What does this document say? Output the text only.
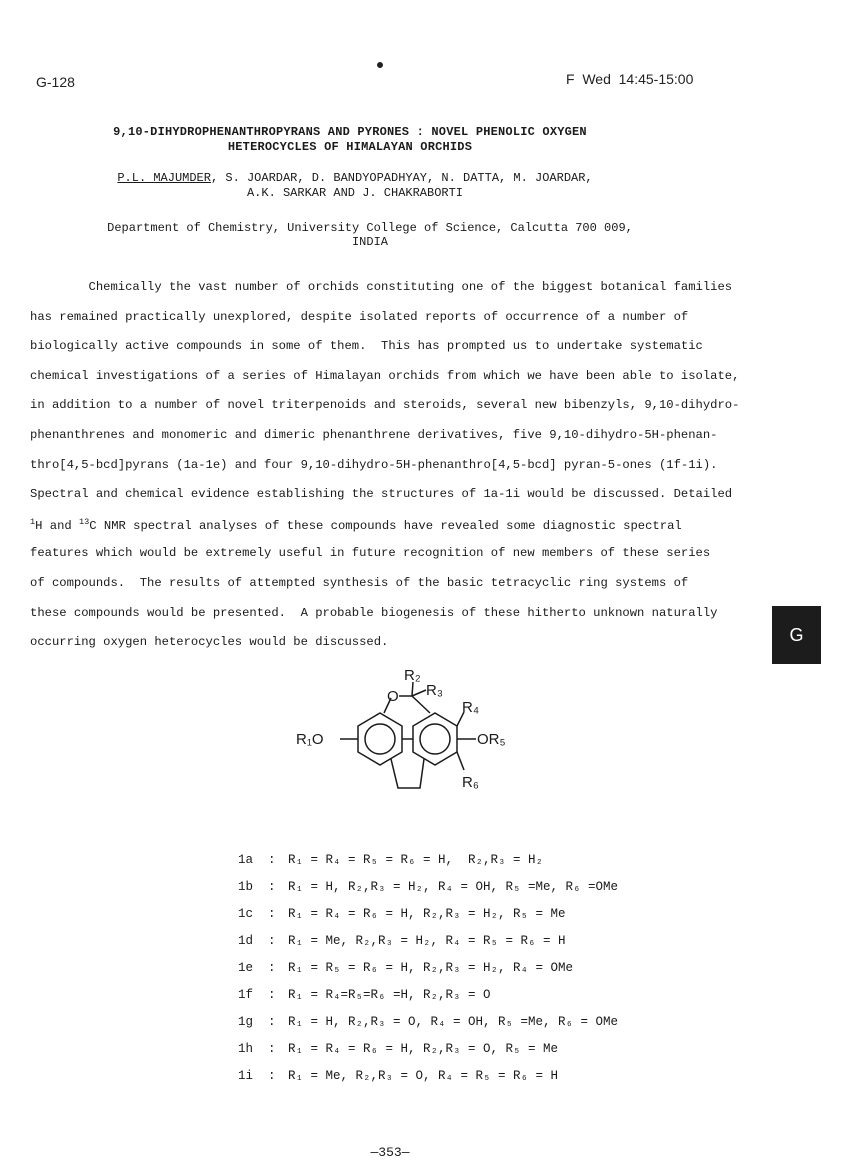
G-128	F  Wed  14:45-15:00
9,10-DIHYDROPHENANTHROPYRANS AND PYRONES : NOVEL PHENOLIC OXYGEN
HETEROCYCLES OF HIMALAYAN ORCHIDS
P.L. MAJUMDER, S. JOARDAR, D. BANDYOPADHYAY, N. DATTA, M. JOARDAR,
A.K. SARKAR AND J. CHAKRABORTI
Department of Chemistry, University College of Science, Calcutta 700 009,
INDIA
Chemically the vast number of orchids constituting one of the biggest botanical families
has remained practically unexplored, despite isolated reports of occurrence of a number of
biologically active compounds in some of them.  This has prompted us to undertake systematic
chemical investigations of a series of Himalayan orchids from which we have been able to isolate,
in addition to a number of novel triterpenoids and steroids, several new bibenzyls, 9,10-dihydro-
phenanthrenes and monomeric and dimeric phenanthrene derivatives, five 9,10-dihydro-5H-phenan-
thro[4,5-bcd]pyrans (1a-1e) and four 9,10-dihydro-5H-phenanthro[4,5-bcd] pyran-5-ones (1f-1i).
Spectral and chemical evidence establishing the structures of 1a-1i would be discussed. Detailed
$^1$H and $^{13}$C NMR spectral analyses of these compounds have revealed some diagnostic spectral
features which would be extremely useful in future recognition of new members of these series
of compounds.  The results of attempted synthesis of the basic tetracyclic ring systems of
these compounds would be presented.  A probable biogenesis of these hitherto unknown naturally
occurring oxygen heterocycles would be discussed.	G
O
R₂
R₃
R₄
OR₅
R₆
R₁O
1a : R₁ = R₄ = R₅ = R₆ = H,  R₂,R₃ = H₂
1b : R₁ = H, R₂,R₃ = H₂, R₄ = OH, R₅ =Me, R₆ =OMe
1c : R₁ = R₄ = R₆ = H, R₂,R₃ = H₂, R₅ = Me
1d : R₁ = Me, R₂,R₃ = H₂, R₄ = R₅ = R₆ = H
1e : R₁ = R₅ = R₆ = H, R₂,R₃ = H₂, R₄ = OMe
1f : R₁ = R₄=R₅=R₆ =H, R₂,R₃ = O
1g : R₁ = H, R₂,R₃ = O, R₄ = OH, R₅ =Me, R₆ = OMe
1h : R₁ = R₄ = R₆ = H, R₂,R₃ = O, R₅ = Me
1i : R₁ = Me, R₂,R₃ = O, R₄ = R₅ = R₆ = H
—353—
